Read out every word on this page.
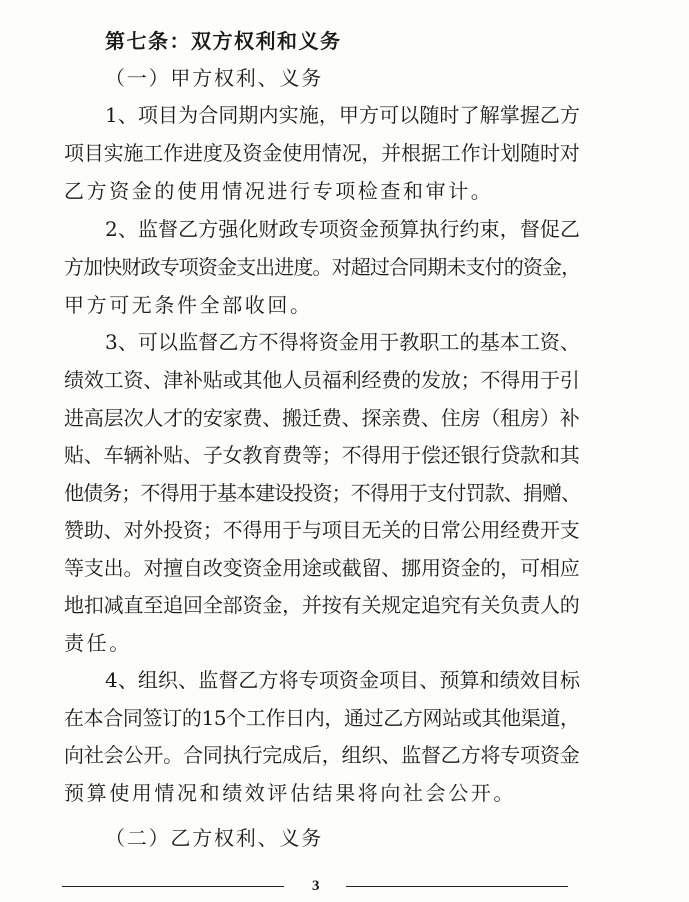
第七条：双方权利和义务
（一）甲方权利、义务
1、项目为合同期内实施，甲方可以随时了解掌握乙方
项目实施工作进度及资金使用情况，并根据工作计划随时对
乙方资金的使用情况进行专项检查和审计。
2、监督乙方强化财政专项资金预算执行约束，督促乙
方加快财政专项资金支出进度。对超过合同期未支付的资金，
甲方可无条件全部收回。
3、可以监督乙方不得将资金用于教职工的基本工资、
绩效工资、津补贴或其他人员福利经费的发放；不得用于引
进高层次人才的安家费、搬迁费、探亲费、住房（租房）补
贴、车辆补贴、子女教育费等；不得用于偿还银行贷款和其
他债务；不得用于基本建设投资；不得用于支付罚款、捐赠、
赞助、对外投资；不得用于与项目无关的日常公用经费开支
等支出。对擅自改变资金用途或截留、挪用资金的，可相应
地扣减直至追回全部资金，并按有关规定追究有关负责人的
责任。
4、组织、监督乙方将专项资金项目、预算和绩效目标
在本合同签订的15个工作日内，通过乙方网站或其他渠道，
向社会公开。合同执行完成后，组织、监督乙方将专项资金
预算使用情况和绩效评估结果将向社会公开。
（二）乙方权利、义务
3
